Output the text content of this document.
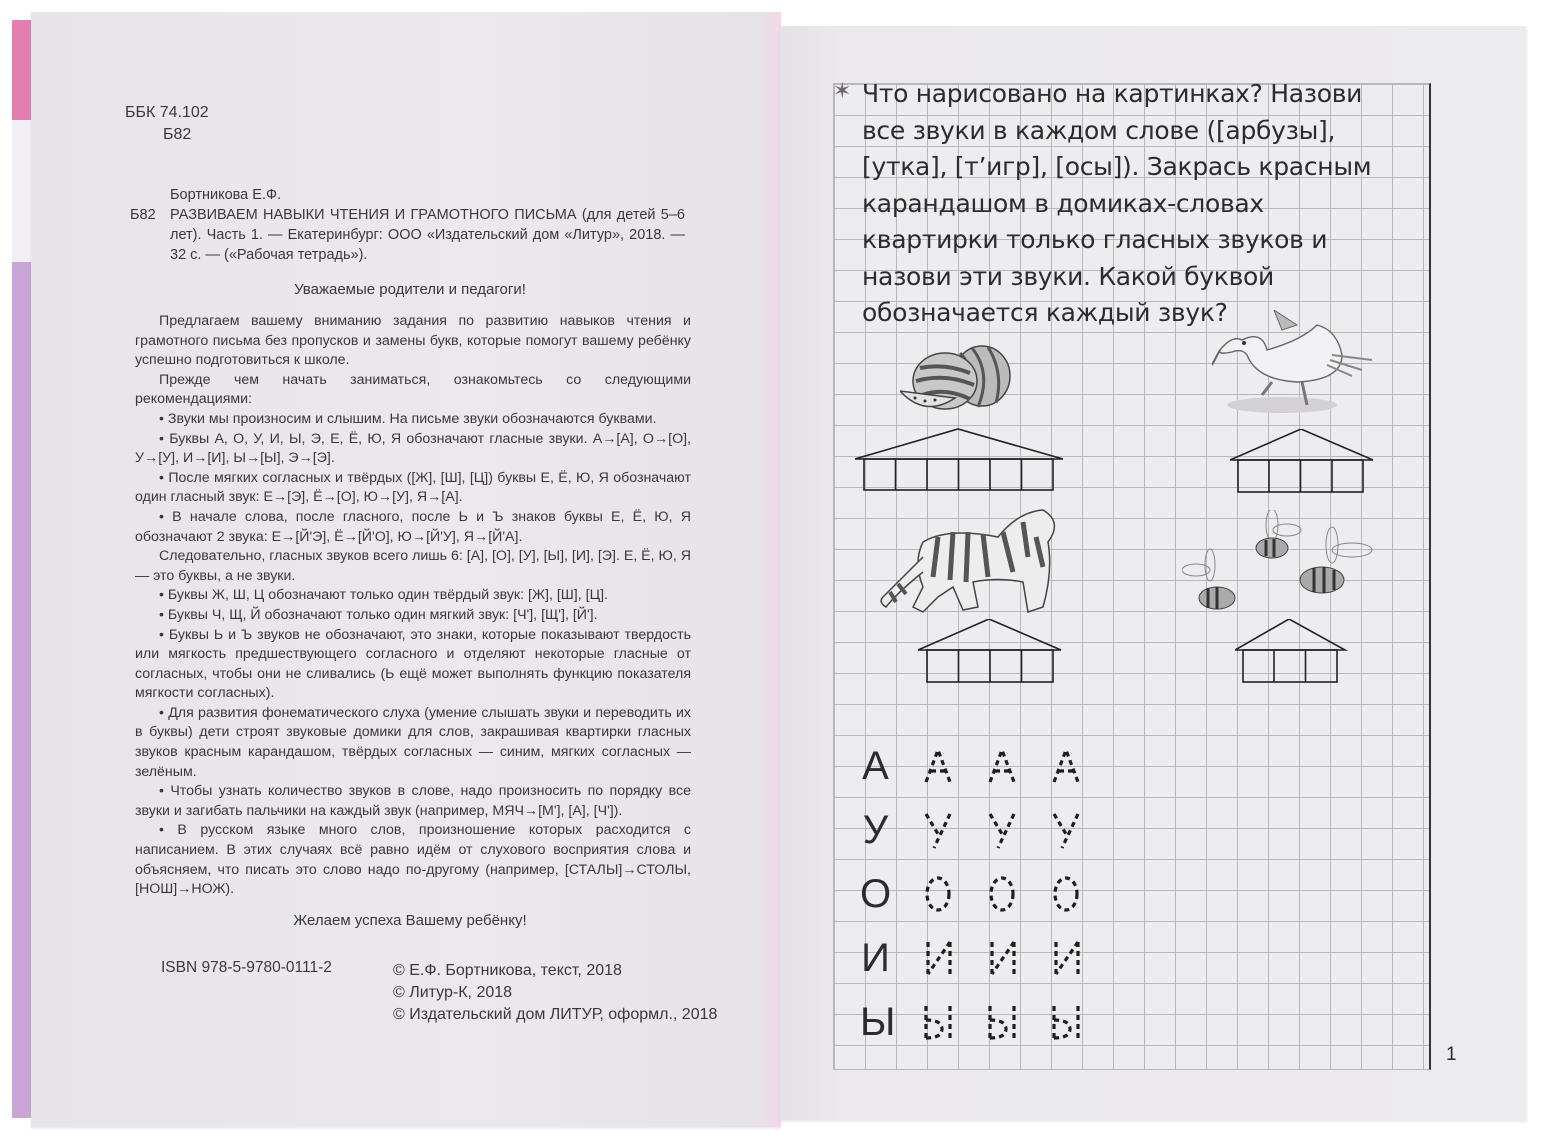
ББК 74.102
Б82
Бортникова Е.Ф.
Б82 РАЗВИВАЕМ НАВЫКИ ЧТЕНИЯ И ГРАМОТНОГО ПИСЬМА (для детей 5–6 лет). Часть 1. — Екатеринбург: ООО «Издательский дом «Литур», 2018. — 32 с. — («Рабочая тетрадь»).
Уважаемые родители и педагоги!

Предлагаем вашему вниманию задания по развитию навыков чтения и грамотного письма без пропусков и замены букв, которые помогут вашему ребёнку успешно подготовиться к школе.

Прежде чем начать заниматься, ознакомьтесь со следующими рекомендациями:

• Звуки мы произносим и слышим. На письме звуки обозначаются буквами.

• Буквы А, О, У, И, Ы, Э, Е, Ё, Ю, Я обозначают гласные звуки. А→[А], О→[О], У→[У], И→[И], Ы→[Ы], Э→[Э].

• После мягких согласных и твёрдых ([Ж], [Ш], [Ц]) буквы Е, Ё, Ю, Я обозначают один гласный звук: Е→[Э], Ё→[О], Ю→[У], Я→[А].

• В начале слова, после гласного, после Ь и Ъ знаков буквы Е, Ё, Ю, Я обозначают 2 звука: Е→[Й'Э], Ё→[Й'О], Ю→[Й'У], Я→[Й'А].

Следовательно, гласных звуков всего лишь 6: [А], [О], [У], [Ы], [И], [Э]. Е, Ё, Ю, Я — это буквы, а не звуки.

• Буквы Ж, Ш, Ц обозначают только один твёрдый звук: [Ж], [Ш], [Ц].

• Буквы Ч, Щ, Й обозначают только один мягкий звук: [Ч'], [Щ'], [Й'].

• Буквы Ь и Ъ звуков не обозначают, это знаки, которые показывают твердость или мягкость предшествующего согласного и отделяют некоторые гласные от согласных, чтобы они не сливались (Ь ещё может выполнять функцию показателя мягкости согласных).

• Для развития фонематического слуха (умение слышать звуки и переводить их в буквы) дети строят звуковые домики для слов, закрашивая квартирки гласных звуков красным карандашом, твёрдых согласных — синим, мягких согласных — зелёным.

• Чтобы узнать количество звуков в слове, надо произносить по порядку все звуки и загибать пальчики на каждый звук (например, МЯЧ→[М'], [А], [Ч']).

• В русском языке много слов, произношение которых расходится с написанием. В этих случаях всё равно идём от слухового восприятия слова и объясняем, что писать это слово надо по-другому (например, [СТАЛЫ]→СТОЛЫ, [НОШ]→НОЖ).

Желаем успеха Вашему ребёнку!
ISBN 978-5-9780-0111-2	© Е.Ф. Бортникова, текст, 2018
© Литур-К, 2018
© Издательский дом ЛИТУР, оформл., 2018
✶ Что нарисовано на картинках? Назови все звуки в каждом слове ([арбузы], [утка], [т’игр], [осы]). Закрась красным карандашом в домиках-словах квартирки только гласных звуков и назови эти звуки. Какой буквой обозначается каждый звук?
А
У
О
И
Ы
1
